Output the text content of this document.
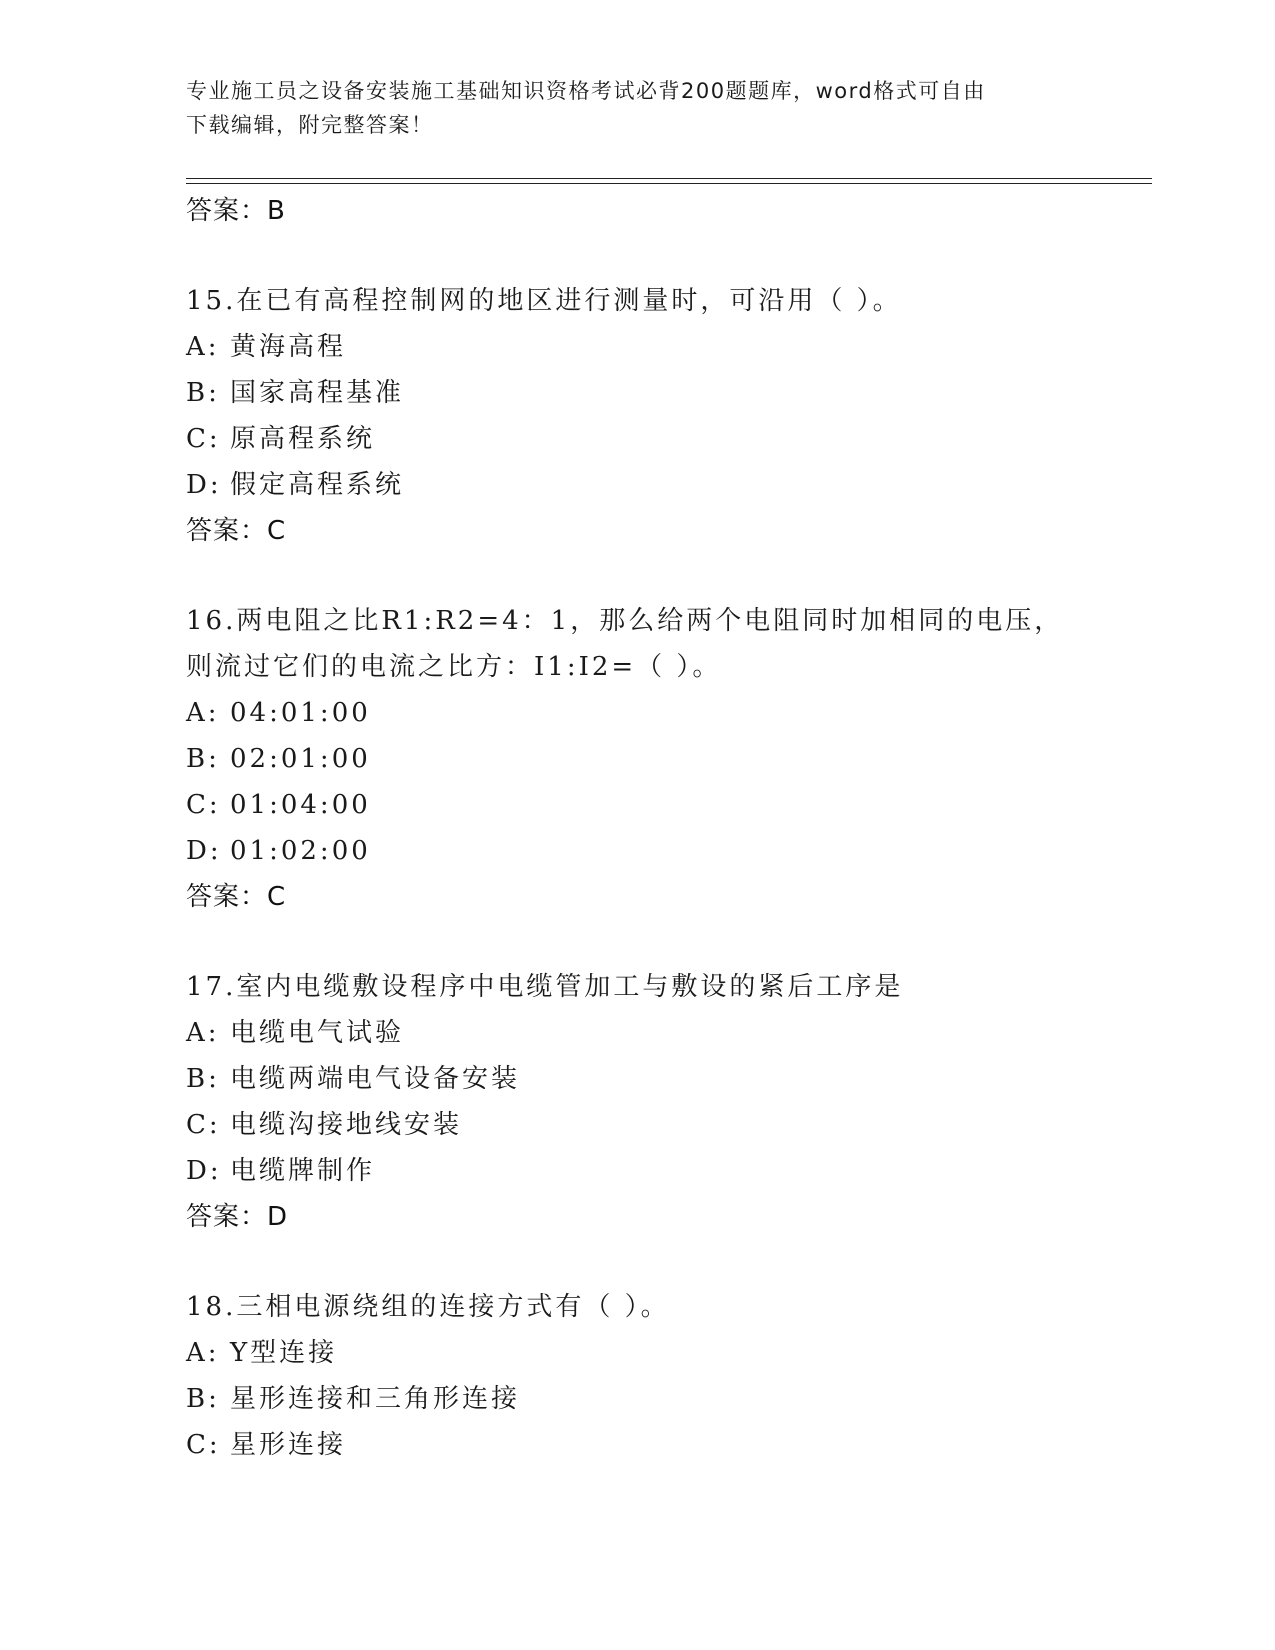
专业施工员之设备安装施工基础知识资格考试必背200题题库，word格式可自由
下载编辑，附完整答案！
答案：B
15.在已有高程控制网的地区进行测量时，可沿用（ ）。
A: 黄海高程
B: 国家高程基准
C: 原高程系统
D: 假定高程系统
答案：C
16.两电阻之比R1:R2=4：1，那么给两个电阻同时加相同的电压，则流过它们的电流之比方：I1:I2=（ ）。
A: 04:01:00
B: 02:01:00
C: 01:04:00
D: 01:02:00
答案：C
17.室内电缆敷设程序中电缆管加工与敷设的紧后工序是
A: 电缆电气试验
B: 电缆两端电气设备安装
C: 电缆沟接地线安装
D: 电缆牌制作
答案：D
18.三相电源绕组的连接方式有（ ）。
A: Y型连接
B: 星形连接和三角形连接
C: 星形连接
